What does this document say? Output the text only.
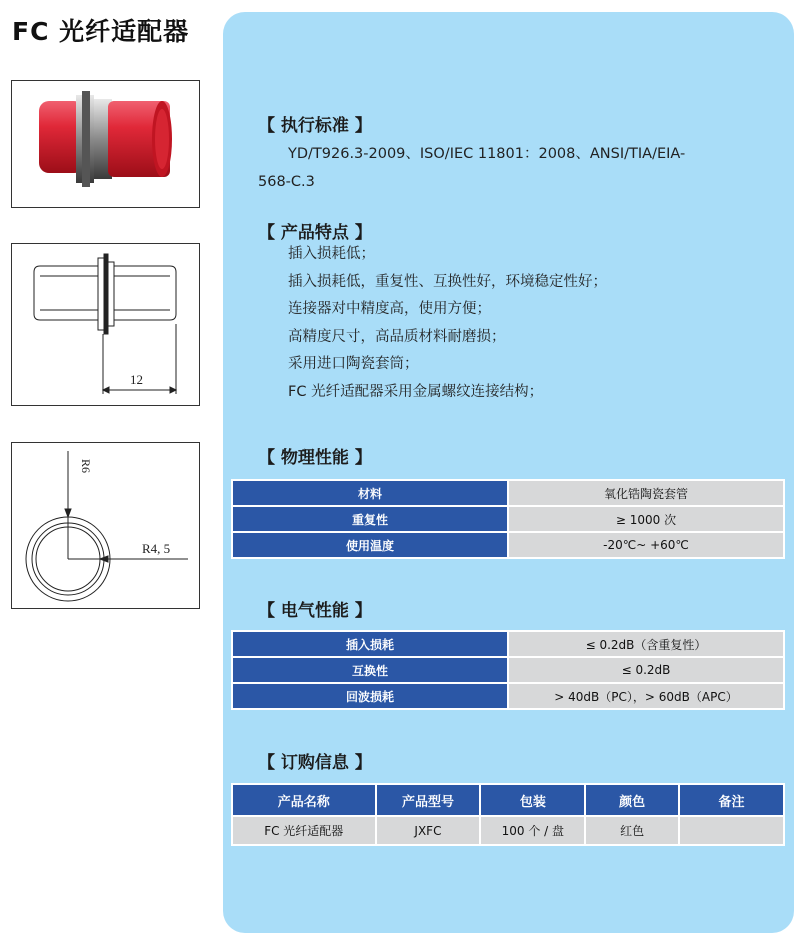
FC 光纤适配器
12
R6
R4, 5
【 执行标准 】
YD/T926.3-2009、ISO/IEC 11801：2008、ANSI/TIA/EIA-
568-C.3
【 产品特点 】
插入损耗低；
插入损耗低，重复性、互换性好，环境稳定性好；
连接器对中精度高，使用方便；
高精度尺寸，高品质材料耐磨损；
采用进口陶瓷套筒；
FC 光纤适配器采用金属螺纹连接结构；
【 物理性能 】
材料	氧化锆陶瓷套管
重复性	≥ 1000 次
使用温度	-20℃~ +60℃
【 电气性能 】
插入损耗	≤ 0.2dB（含重复性）
互换性	≤ 0.2dB
回波损耗	> 40dB（PC），> 60dB（APC）
【 订购信息 】
产品名称	产品型号	包装	颜色	备注
FC 光纤适配器	JXFC	100 个 / 盘	红色	
